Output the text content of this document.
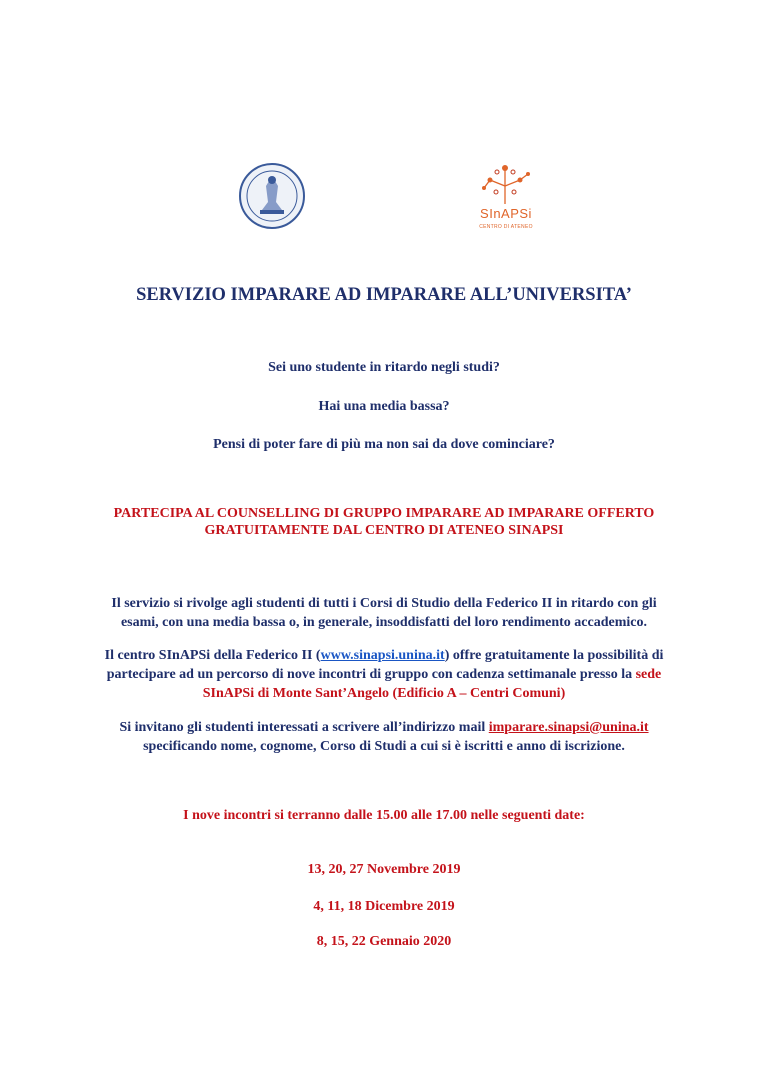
SInAPSi
CENTRO DI ATENEO
SERVIZIO IMPARARE AD IMPARARE ALL’UNIVERSITA’
Sei uno studente in ritardo negli studi?
Hai una media bassa?
Pensi di poter fare di più ma non sai da dove cominciare?
PARTECIPA AL COUNSELLING DI GRUPPO IMPARARE AD IMPARARE OFFERTO
GRATUITAMENTE DAL CENTRO DI ATENEO SINAPSI
Il servizio si rivolge agli studenti di tutti i Corsi di Studio della Federico II in ritardo con gli
esami, con una media bassa o, in generale, insoddisfatti del loro rendimento accademico.
Il centro SInAPSi della Federico II (www.sinapsi.unina.it) offre gratuitamente la possibilità di
partecipare ad un percorso di nove incontri di gruppo con cadenza settimanale presso la sede
SInAPSi di Monte Sant’Angelo (Edificio A – Centri Comuni)
Si invitano gli studenti interessati a scrivere all’indirizzo mail imparare.sinapsi@unina.it
specificando nome, cognome, Corso di Studi a cui si è iscritti e anno di iscrizione.
I nove incontri si terranno dalle 15.00 alle 17.00 nelle seguenti date:
13, 20, 27 Novembre 2019
4, 11, 18 Dicembre 2019
8, 15, 22 Gennaio 2020
